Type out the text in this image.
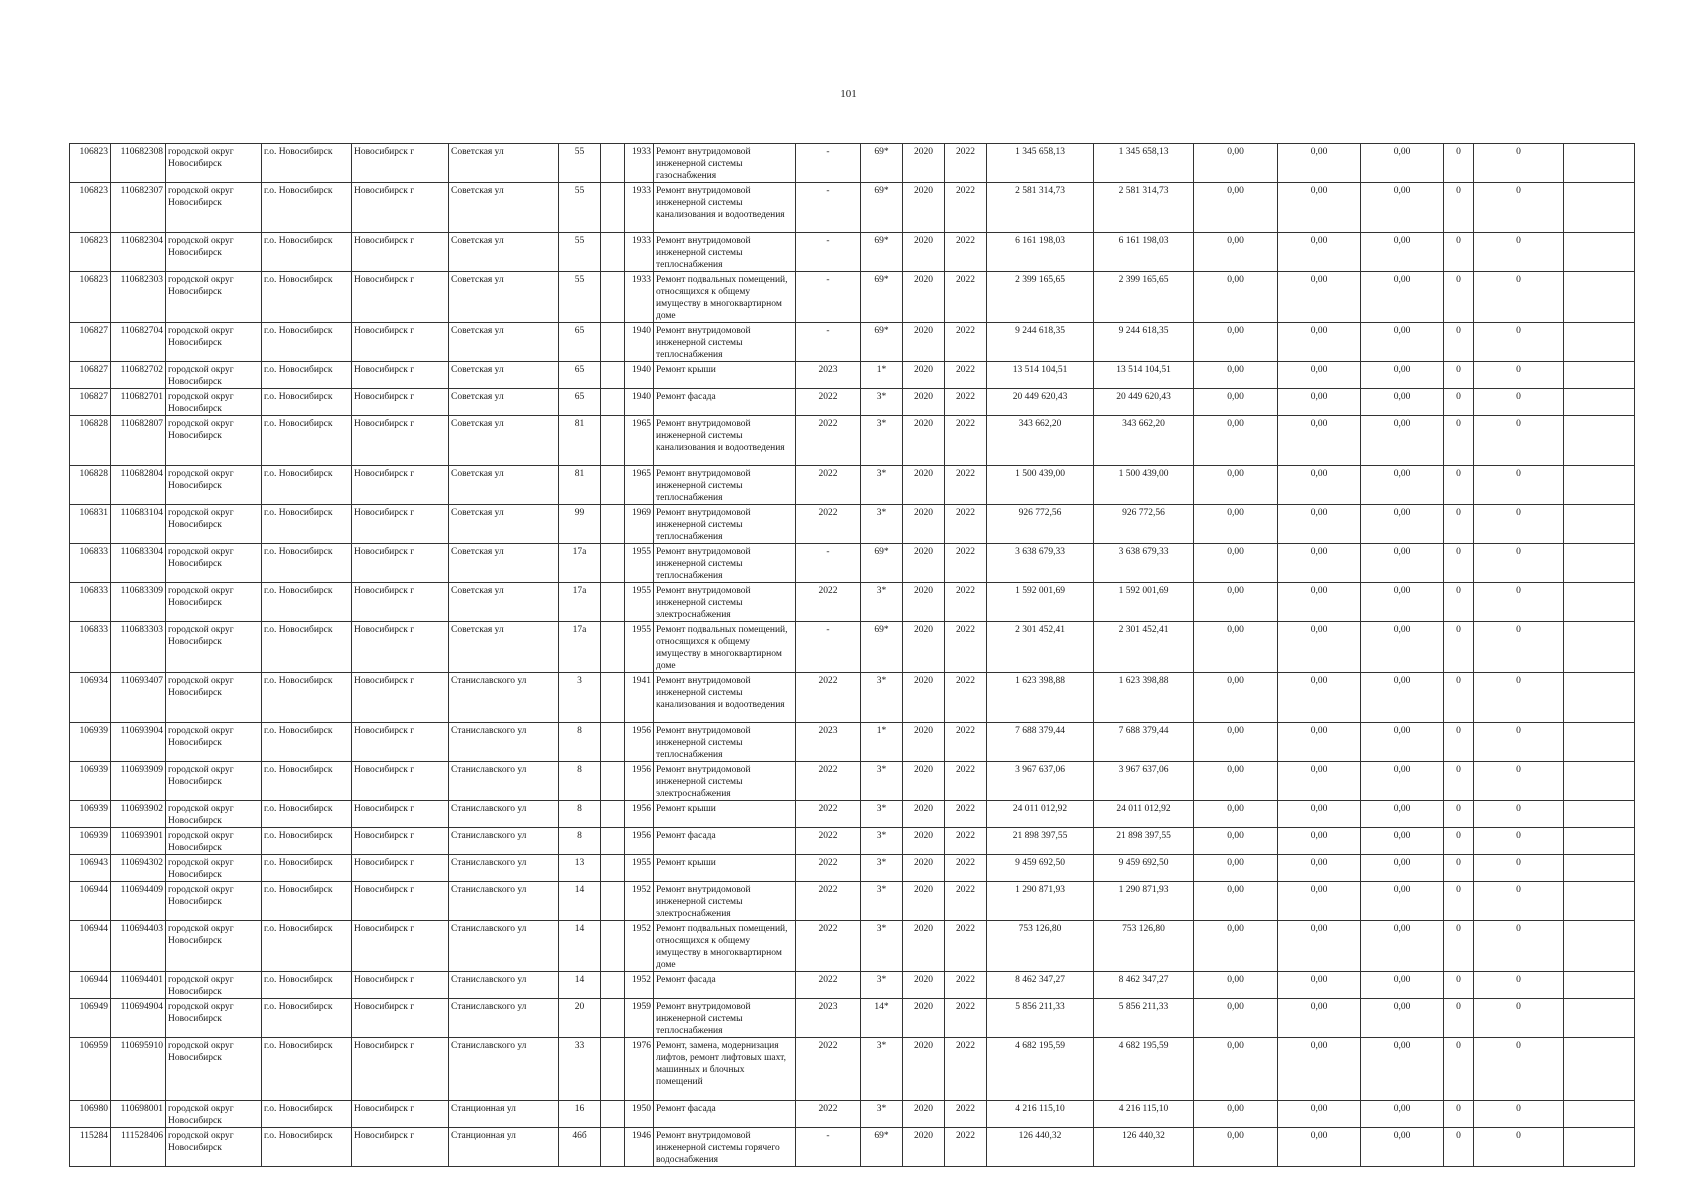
101
106823	110682308	городской округ Новосибирск	г.о. Новосибирск	Новосибирск г	Советская ул	55		1933	Ремонт внутридомовой инженерной системы газоснабжения	-	69*	2020	2022	1 345 658,13	1 345 658,13	0,00	0,00	0,00	0	0	

106823	110682307	городской округ Новосибирск	г.о. Новосибирск	Новосибирск г	Советская ул	55		1933	Ремонт внутридомовой инженерной системы канализования и водоотведения	-	69*	2020	2022	2 581 314,73	2 581 314,73	0,00	0,00	0,00	0	0	

106823	110682304	городской округ Новосибирск	г.о. Новосибирск	Новосибирск г	Советская ул	55		1933	Ремонт внутридомовой инженерной системы теплоснабжения	-	69*	2020	2022	6 161 198,03	6 161 198,03	0,00	0,00	0,00	0	0	

106823	110682303	городской округ Новосибирск	г.о. Новосибирск	Новосибирск г	Советская ул	55		1933	Ремонт подвальных помещений, относящихся к общему имуществу в многоквартирном доме	-	69*	2020	2022	2 399 165,65	2 399 165,65	0,00	0,00	0,00	0	0	

106827	110682704	городской округ Новосибирск	г.о. Новосибирск	Новосибирск г	Советская ул	65		1940	Ремонт внутридомовой инженерной системы теплоснабжения	-	69*	2020	2022	9 244 618,35	9 244 618,35	0,00	0,00	0,00	0	0	

106827	110682702	городской округ Новосибирск	г.о. Новосибирск	Новосибирск г	Советская ул	65		1940	Ремонт крыши	2023	1*	2020	2022	13 514 104,51	13 514 104,51	0,00	0,00	0,00	0	0	

106827	110682701	городской округ Новосибирск	г.о. Новосибирск	Новосибирск г	Советская ул	65		1940	Ремонт фасада	2022	3*	2020	2022	20 449 620,43	20 449 620,43	0,00	0,00	0,00	0	0	

106828	110682807	городской округ Новосибирск	г.о. Новосибирск	Новосибирск г	Советская ул	81		1965	Ремонт внутридомовой инженерной системы канализования и водоотведения	2022	3*	2020	2022	343 662,20	343 662,20	0,00	0,00	0,00	0	0	

106828	110682804	городской округ Новосибирск	г.о. Новосибирск	Новосибирск г	Советская ул	81		1965	Ремонт внутридомовой инженерной системы теплоснабжения	2022	3*	2020	2022	1 500 439,00	1 500 439,00	0,00	0,00	0,00	0	0	

106831	110683104	городской округ Новосибирск	г.о. Новосибирск	Новосибирск г	Советская ул	99		1969	Ремонт внутридомовой инженерной системы теплоснабжения	2022	3*	2020	2022	926 772,56	926 772,56	0,00	0,00	0,00	0	0	

106833	110683304	городской округ Новосибирск	г.о. Новосибирск	Новосибирск г	Советская ул	17а		1955	Ремонт внутридомовой инженерной системы теплоснабжения	-	69*	2020	2022	3 638 679,33	3 638 679,33	0,00	0,00	0,00	0	0	

106833	110683309	городской округ Новосибирск	г.о. Новосибирск	Новосибирск г	Советская ул	17а		1955	Ремонт внутридомовой инженерной системы электроснабжения	2022	3*	2020	2022	1 592 001,69	1 592 001,69	0,00	0,00	0,00	0	0	

106833	110683303	городской округ Новосибирск	г.о. Новосибирск	Новосибирск г	Советская ул	17а		1955	Ремонт подвальных помещений, относящихся к общему имуществу в многоквартирном доме	-	69*	2020	2022	2 301 452,41	2 301 452,41	0,00	0,00	0,00	0	0	

106934	110693407	городской округ Новосибирск	г.о. Новосибирск	Новосибирск г	Станиславского ул	3		1941	Ремонт внутридомовой инженерной системы канализования и водоотведения	2022	3*	2020	2022	1 623 398,88	1 623 398,88	0,00	0,00	0,00	0	0	

106939	110693904	городской округ Новосибирск	г.о. Новосибирск	Новосибирск г	Станиславского ул	8		1956	Ремонт внутридомовой инженерной системы теплоснабжения	2023	1*	2020	2022	7 688 379,44	7 688 379,44	0,00	0,00	0,00	0	0	

106939	110693909	городской округ Новосибирск	г.о. Новосибирск	Новосибирск г	Станиславского ул	8		1956	Ремонт внутридомовой инженерной системы электроснабжения	2022	3*	2020	2022	3 967 637,06	3 967 637,06	0,00	0,00	0,00	0	0	

106939	110693902	городской округ Новосибирск	г.о. Новосибирск	Новосибирск г	Станиславского ул	8		1956	Ремонт крыши	2022	3*	2020	2022	24 011 012,92	24 011 012,92	0,00	0,00	0,00	0	0	

106939	110693901	городской округ Новосибирск	г.о. Новосибирск	Новосибирск г	Станиславского ул	8		1956	Ремонт фасада	2022	3*	2020	2022	21 898 397,55	21 898 397,55	0,00	0,00	0,00	0	0	

106943	110694302	городской округ Новосибирск	г.о. Новосибирск	Новосибирск г	Станиславского ул	13		1955	Ремонт крыши	2022	3*	2020	2022	9 459 692,50	9 459 692,50	0,00	0,00	0,00	0	0	

106944	110694409	городской округ Новосибирск	г.о. Новосибирск	Новосибирск г	Станиславского ул	14		1952	Ремонт внутридомовой инженерной системы электроснабжения	2022	3*	2020	2022	1 290 871,93	1 290 871,93	0,00	0,00	0,00	0	0	

106944	110694403	городской округ Новосибирск	г.о. Новосибирск	Новосибирск г	Станиславского ул	14		1952	Ремонт подвальных помещений, относящихся к общему имуществу в многоквартирном доме	2022	3*	2020	2022	753 126,80	753 126,80	0,00	0,00	0,00	0	0	

106944	110694401	городской округ Новосибирск	г.о. Новосибирск	Новосибирск г	Станиславского ул	14		1952	Ремонт фасада	2022	3*	2020	2022	8 462 347,27	8 462 347,27	0,00	0,00	0,00	0	0	

106949	110694904	городской округ Новосибирск	г.о. Новосибирск	Новосибирск г	Станиславского ул	20		1959	Ремонт внутридомовой инженерной системы теплоснабжения	2023	14*	2020	2022	5 856 211,33	5 856 211,33	0,00	0,00	0,00	0	0	

106959	110695910	городской округ Новосибирск	г.о. Новосибирск	Новосибирск г	Станиславского ул	33		1976	Ремонт, замена, модернизация лифтов, ремонт лифтовых шахт, машинных и блочных помещений	2022	3*	2020	2022	4 682 195,59	4 682 195,59	0,00	0,00	0,00	0	0	

106980	110698001	городской округ Новосибирск	г.о. Новосибирск	Новосибирск г	Станционная ул	16		1950	Ремонт фасада	2022	3*	2020	2022	4 216 115,10	4 216 115,10	0,00	0,00	0,00	0	0	

115284	111528406	городской округ Новосибирск	г.о. Новосибирск	Новосибирск г	Станционная ул	46б		1946	Ремонт внутридомовой инженерной системы горячего водоснабжения	-	69*	2020	2022	126 440,32	126 440,32	0,00	0,00	0,00	0	0	
